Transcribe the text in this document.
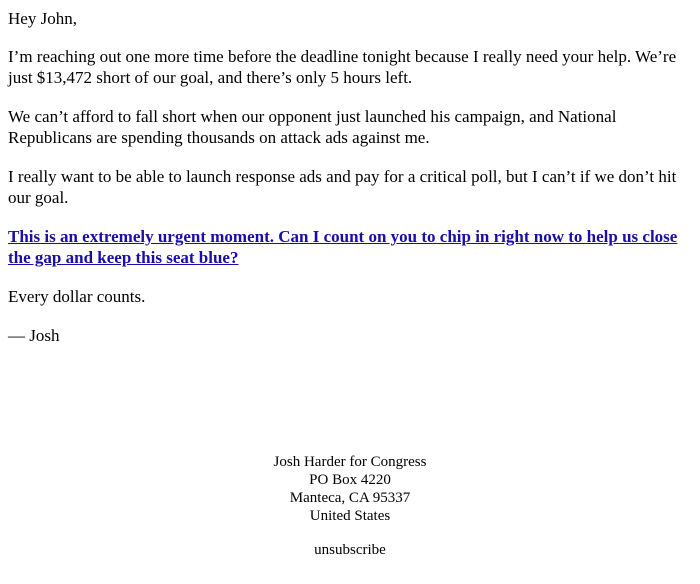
Hey John,

I’m reaching out one more time before the deadline tonight because I really need your help. We’re just $13,472 short of our goal, and there’s only 5 hours left.

We can’t afford to fall short when our opponent just launched his campaign, and National Republicans are spending thousands on attack ads against me.

I really want to be able to launch response ads and pay for a critical poll, but I can’t if we don’t hit our goal.

This is an extremely urgent moment. Can I count on you to chip in right now to help us close the gap and keep this seat blue?

Every dollar counts.

— Josh

Josh Harder for Congress
PO Box 4220
Manteca, CA 95337
United States
unsubscribe
